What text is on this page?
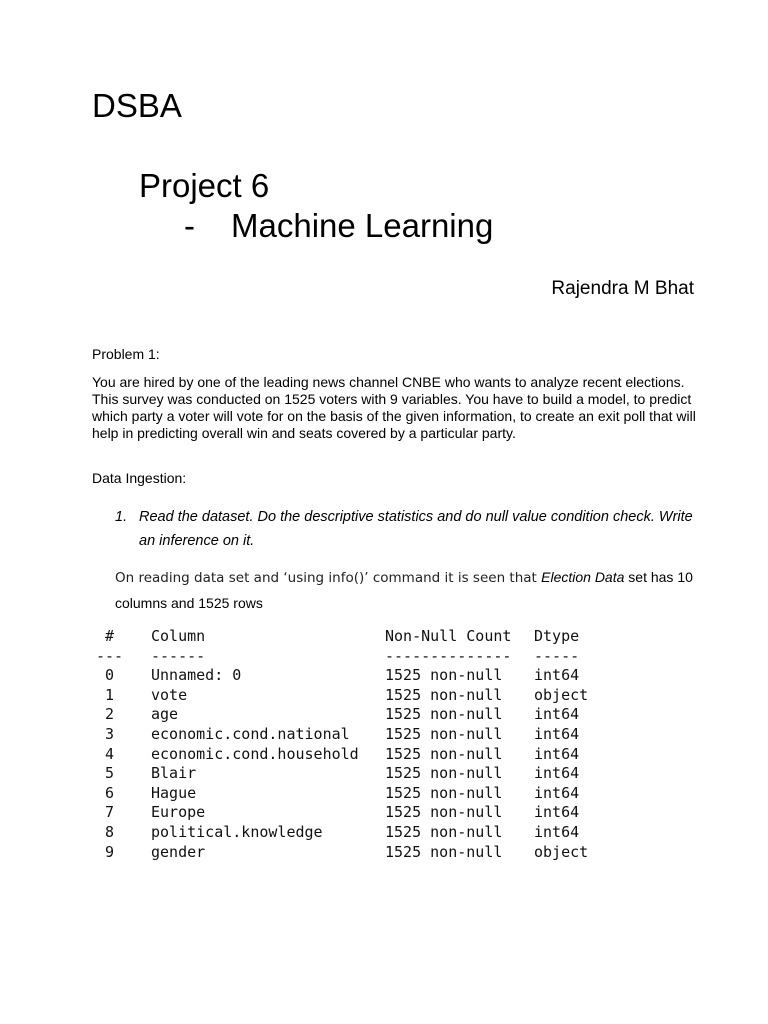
DSBA
Project 6
- Machine Learning
Rajendra M Bhat
Problem 1:

You are hired by one of the leading news channel CNBE who wants to analyze recent elections. This survey was conducted on 1525 voters with 9 variables. You have to build a model, to predict which party a voter will vote for on the basis of the given information, to create an exit poll that will help in predicting overall win and seats covered by a particular party.

Data Ingestion:
1. Read the dataset. Do the descriptive statistics and do null value condition check. Write an inference on it.

On reading data set and ‘using info()’ command it is seen that Election Data set has 10 columns and 1525 rows

#	Column	Non-Null Count	Dtype
---	------	--------------	-----
0	Unnamed: 0	1525 non-null	int64
1	vote	1525 non-null	object
2	age	1525 non-null	int64
3	economic.cond.national	1525 non-null	int64
4	economic.cond.household	1525 non-null	int64
5	Blair	1525 non-null	int64
6	Hague	1525 non-null	int64
7	Europe	1525 non-null	int64
8	political.knowledge	1525 non-null	int64
9	gender	1525 non-null	object
